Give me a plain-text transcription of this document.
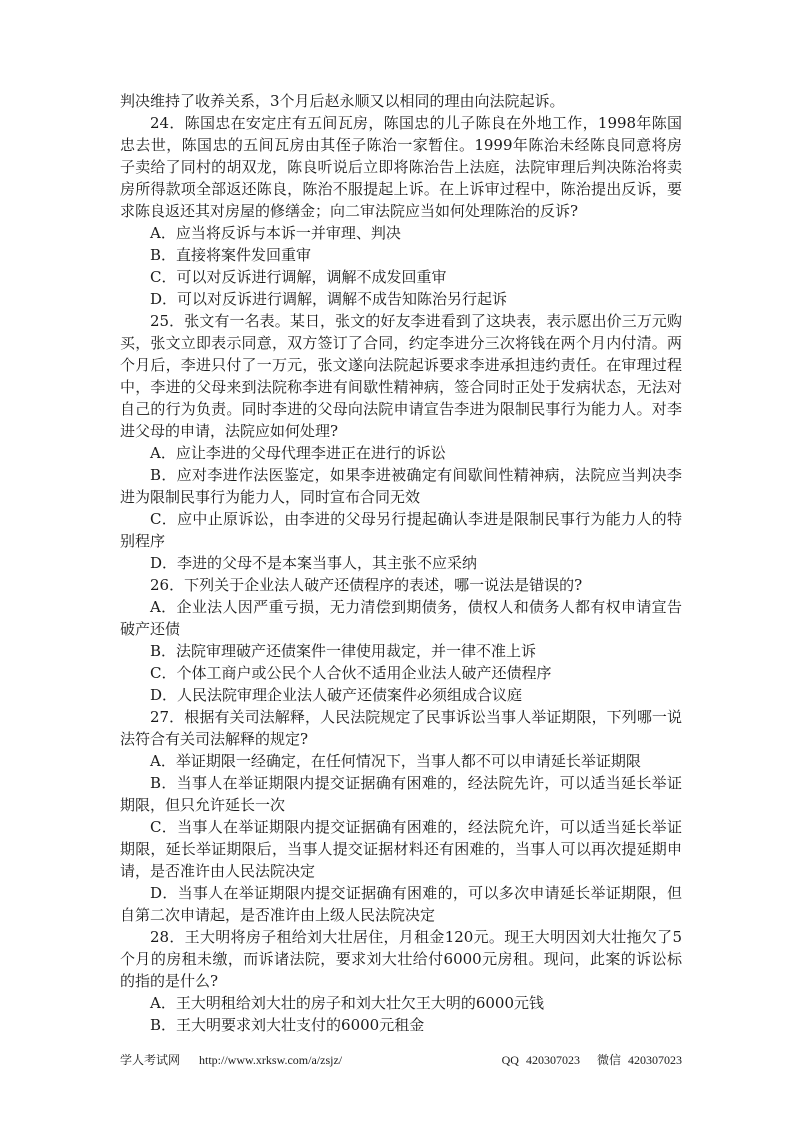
判决维持了收养关系，3个月后赵永顺又以相同的理由向法院起诉。

24．陈国忠在安定庄有五间瓦房，陈国忠的儿子陈良在外地工作，1998年陈国忠去世，陈国忠的五间瓦房由其侄子陈治一家暂住。1999年陈治未经陈良同意将房子卖给了同村的胡双龙，陈良听说后立即将陈治告上法庭，法院审理后判决陈治将卖房所得款项全部返还陈良，陈治不服提起上诉。在上诉审过程中，陈治提出反诉，要求陈良返还其对房屋的修缮金；向二审法院应当如何处理陈治的反诉?

A．应当将反诉与本诉一并审理、判决

B．直接将案件发回重审

C．可以对反诉进行调解，调解不成发回重审

D．可以对反诉进行调解，调解不成告知陈治另行起诉

25．张文有一名表。某日，张文的好友李进看到了这块表，表示愿出价三万元购买，张文立即表示同意，双方签订了合同，约定李进分三次将钱在两个月内付清。两个月后，李进只付了一万元，张文遂向法院起诉要求李进承担违约责任。在审理过程中，李进的父母来到法院称李进有间歇性精神病，签合同时正处于发病状态，无法对自己的行为负责。同时李进的父母向法院申请宣告李进为限制民事行为能力人。对李进父母的申请，法院应如何处理?

A．应让李进的父母代理李进正在进行的诉讼

B．应对李进作法医鉴定，如果李进被确定有间歇间性精神病，法院应当判决李进为限制民事行为能力人，同时宣布合同无效

C．应中止原诉讼，由李进的父母另行提起确认李进是限制民事行为能力人的特别程序

D．李进的父母不是本案当事人，其主张不应采纳

26．下列关于企业法人破产还债程序的表述，哪一说法是错误的?

A．企业法人因严重亏损，无力清偿到期债务，债权人和债务人都有权申请宣告破产还债

B．法院审理破产还债案件一律使用裁定，并一律不准上诉

C．个体工商户或公民个人合伙不适用企业法人破产还债程序

D．人民法院审理企业法人破产还债案件必须组成合议庭

27．根据有关司法解释，人民法院规定了民事诉讼当事人举证期限，下列哪一说法符合有关司法解释的规定?

A．举证期限一经确定，在任何情况下，当事人都不可以申请延长举证期限

B．当事人在举证期限内提交证据确有困难的，经法院先许，可以适当延长举证期限，但只允许延长一次

C．当事人在举证期限内提交证据确有困难的，经法院允许，可以适当延长举证期限，延长举证期限后，当事人提交证据材料还有困难的，当事人可以再次提延期申请，是否准许由人民法院决定

D．当事人在举证期限内提交证据确有困难的，可以多次申请延长举证期限，但自第二次申请起，是否准许由上级人民法院决定

28．王大明将房子租给刘大壮居住，月租金120元。现王大明因刘大壮拖欠了5个月的房租未缴，而诉诸法院，要求刘大壮给付6000元房租。现问，此案的诉讼标的指的是什么?

A．王大明租给刘大壮的房子和刘大壮欠王大明的6000元钱

B．王大明要求刘大壮支付的6000元租金

学人考试网 http://www.xrksw.com/a/zsjz/	QQ 420307023 微信 420307023
